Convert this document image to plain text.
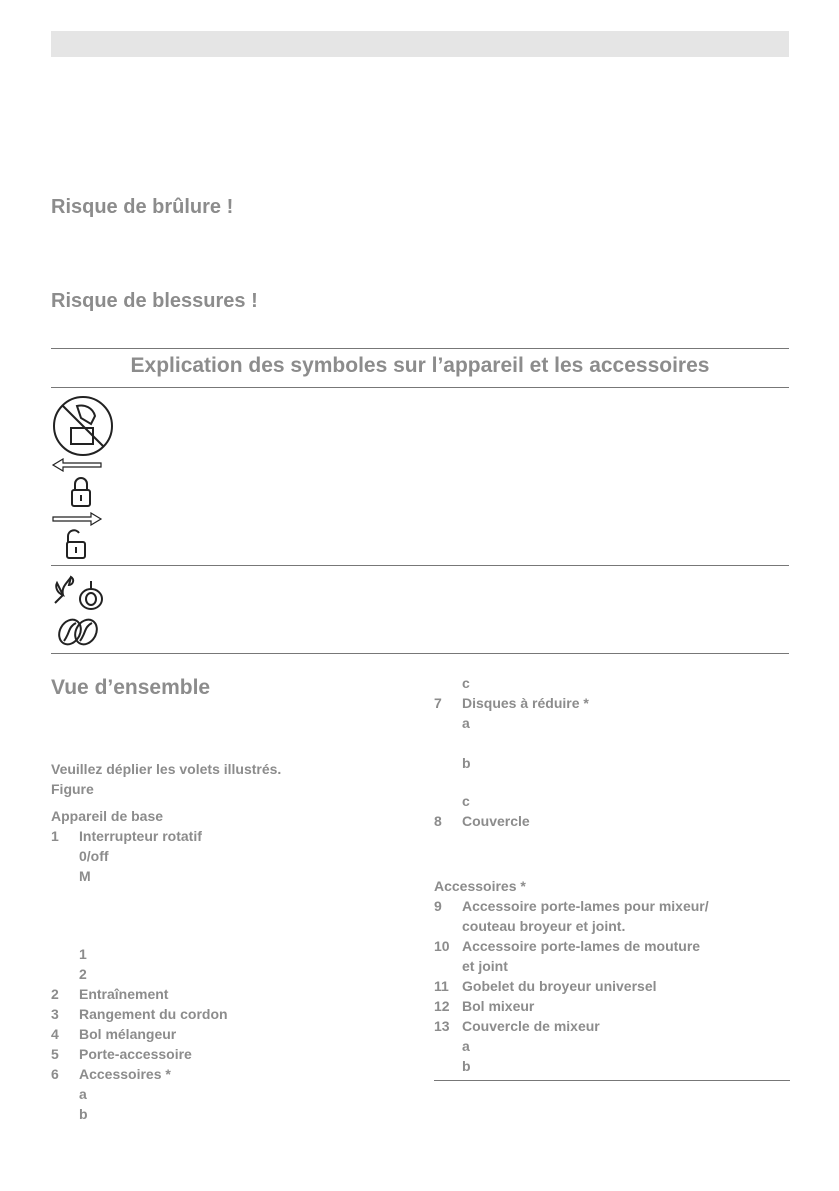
Risque de brûlure !
Risque de blessures !
Explication des symboles sur l’appareil et les accessoires
Vue d’ensemble
Veuillez déplier les volets illustrés.
Figure
Appareil de base
1 Interrupteur rotatif
0/off
M
1
2
2 Entraînement
3 Rangement du cordon
4 Bol mélangeur
5 Porte-accessoire
6 Accessoires *
a
b
c
7 Disques à réduire *
a
b
c
8 Couvercle
Accessoires *
9 Accessoire porte-lames pour mixeur/
couteau broyeur et joint.
10 Accessoire porte-lames de mouture
et joint
11 Gobelet du broyeur universel
12 Bol mixeur
13 Couvercle de mixeur
a
b
